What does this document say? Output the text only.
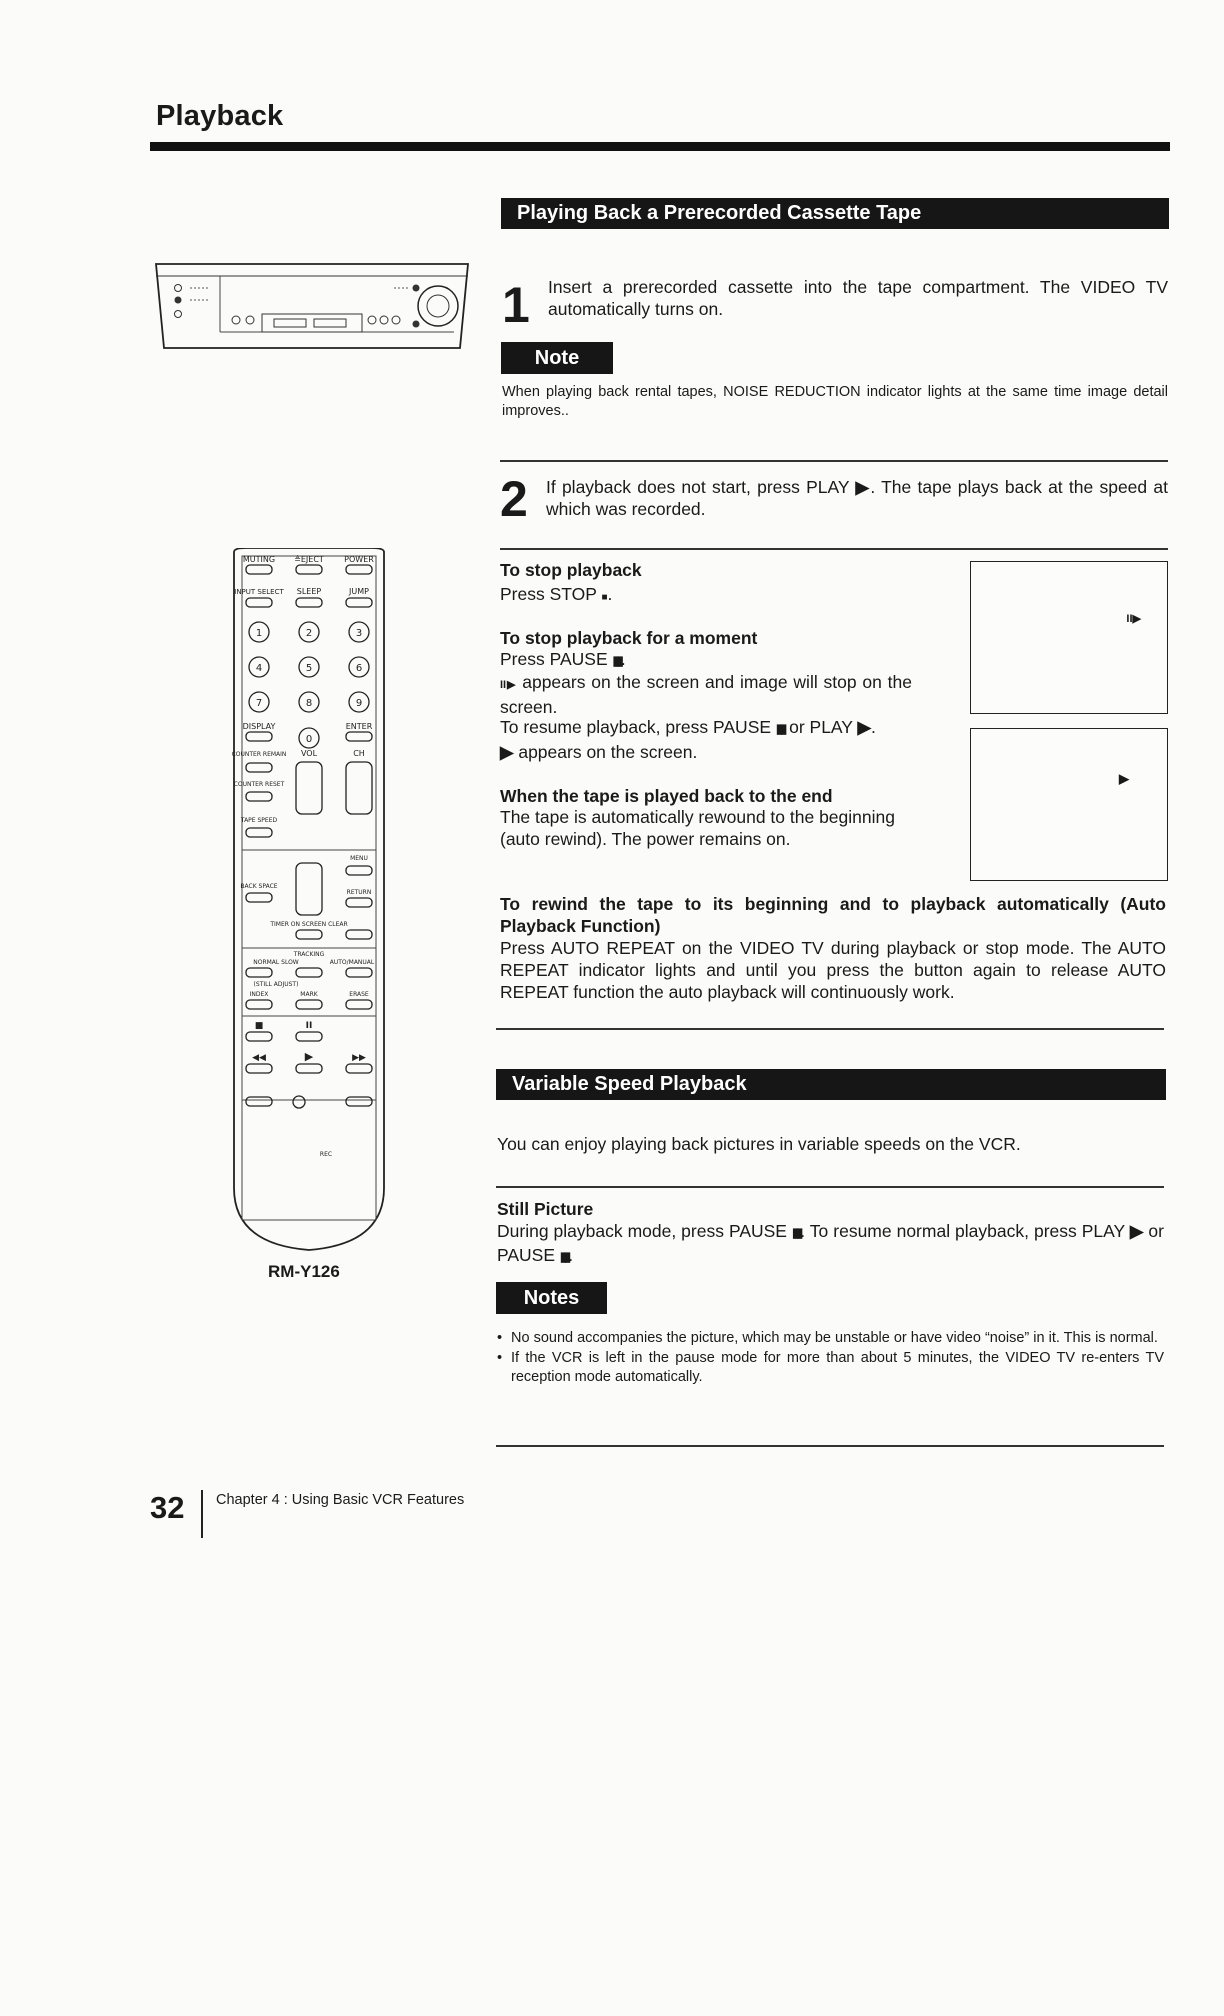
Playback
MUTING ≜EJECT	POWER
INPUT SELECT SLEEP	JUMP
DISPLAY	ENTER
COUNTER REMAIN VOL	CH
COUNTER RESET
TAPE SPEED
MENU
BACK SPACE
RETURN
TIMER ON SCREEN CLEAR
TRACKING
NORMAL SLOW	AUTO/MANUAL
(STILL ADJUST)
INDEX	MARK	ERASE
REC
1	2	3
4	5	6
7	8	9
0
■	II
◀◀	▶	▶▶
RM-Y126
Playing Back a Prerecorded Cassette Tape
1 Insert a prerecorded cassette into the tape compartment. The VIDEO TV automatically turns on.
Note
When playing back rental tapes, NOISE REDUCTION indicator lights at the same time image detail improves..
2 If playback does not start, press PLAY ▶. The tape plays back at the speed at which was recorded.
To stop playback
Press STOP ■.
To stop playback for a moment
Press PAUSE ▮▮.
II▶ appears on the screen and image will stop on the screen.
To resume playback, press PAUSE ▮▮ or PLAY ▶.
▶ appears on the screen.
When the tape is played back to the end
The tape is automatically rewound to the beginning (auto rewind). The power remains on.
II▶
▶
To rewind the tape to its beginning and to playback automatically (Auto Playback Function)
Press AUTO REPEAT on the VIDEO TV during playback or stop mode. The AUTO REPEAT indicator lights and until you press the button again to release AUTO REPEAT function the auto playback will continuously work.
Variable Speed Playback
You can enjoy playing back pictures in variable speeds on the VCR.
Still Picture
During playback mode, press PAUSE ▮▮. To resume normal playback, press PLAY ▶ or PAUSE ▮▮.
Notes
• No sound accompanies the picture, which may be unstable or have video “noise” in it. This is normal.
• If the VCR is left in the pause mode for more than about 5 minutes, the VIDEO TV re-enters TV reception mode automatically.
32 Chapter 4 : Using Basic VCR Features
